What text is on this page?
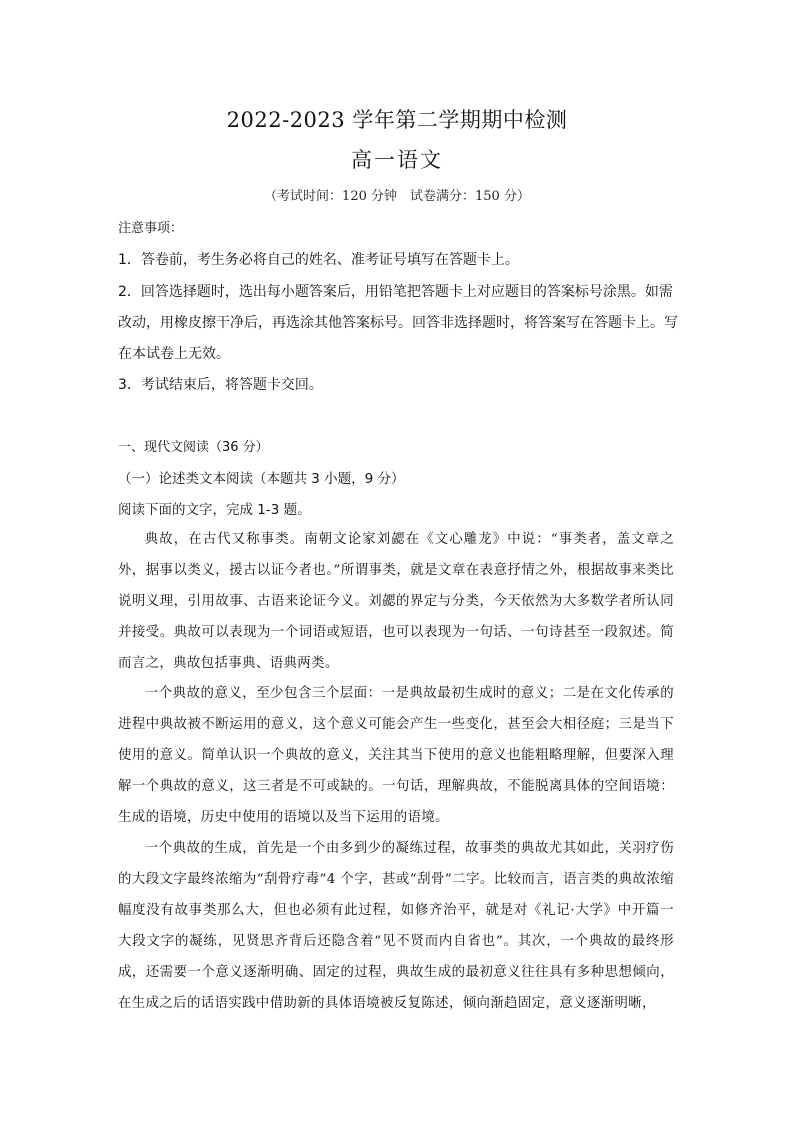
2022-2023 学年第二学期期中检测
高一语文
（考试时间：120 分钟　试卷满分：150 分）
注意事项：
1．答卷前，考生务必将自己的姓名、准考证号填写在答题卡上。
2．回答选择题时，选出每小题答案后，用铅笔把答题卡上对应题目的答案标号涂黑。如需
改动，用橡皮擦干净后，再选涂其他答案标号。回答非选择题时，将答案写在答题卡上。写
在本试卷上无效。
3．考试结束后，将答题卡交回。
一、现代文阅读（36 分）
（一）论述类文本阅读（本题共 3 小题，9 分）
阅读下面的文字，完成 1-3 题。

典故，在古代又称事类。南朝文论家刘勰在《文心雕龙》中说：“事类者，盖文章之外，据事以类义，援古以证今者也。”所谓事类，就是文章在表意抒情之外，根据故事来类比说明义理，引用故事、古语来论证今义。刘勰的界定与分类，今天依然为大多数学者所认同并接受。典故可以表现为一个词语或短语，也可以表现为一句话、一句诗甚至一段叙述。简而言之，典故包括事典、语典两类。

一个典故的意义，至少包含三个层面：一是典故最初生成时的意义；二是在文化传承的进程中典故被不断运用的意义，这个意义可能会产生一些变化，甚至会大相径庭；三是当下使用的意义。简单认识一个典故的意义，关注其当下使用的意义也能粗略理解，但要深入理解一个典故的意义，这三者是不可或缺的。一句话，理解典故，不能脱离具体的空间语境：生成的语境，历史中使用的语境以及当下运用的语境。

一个典故的生成，首先是一个由多到少的凝练过程，故事类的典故尤其如此，关羽疗伤的大段文字最终浓缩为“刮骨疗毒”4 个字，甚或“刮骨”二字。比较而言，语言类的典故浓缩幅度没有故事类那么大，但也必须有此过程，如修齐治平，就是对《礼记·大学》中开篇一大段文字的凝练，见贤思齐背后还隐含着“见不贤而内自省也”。其次，一个典故的最终形成，还需要一个意义逐渐明确、固定的过程，典故生成的最初意义往往具有多种思想倾向，在生成之后的话语实践中借助新的具体语境被反复陈述，倾向渐趋固定，意义逐渐明晰，
